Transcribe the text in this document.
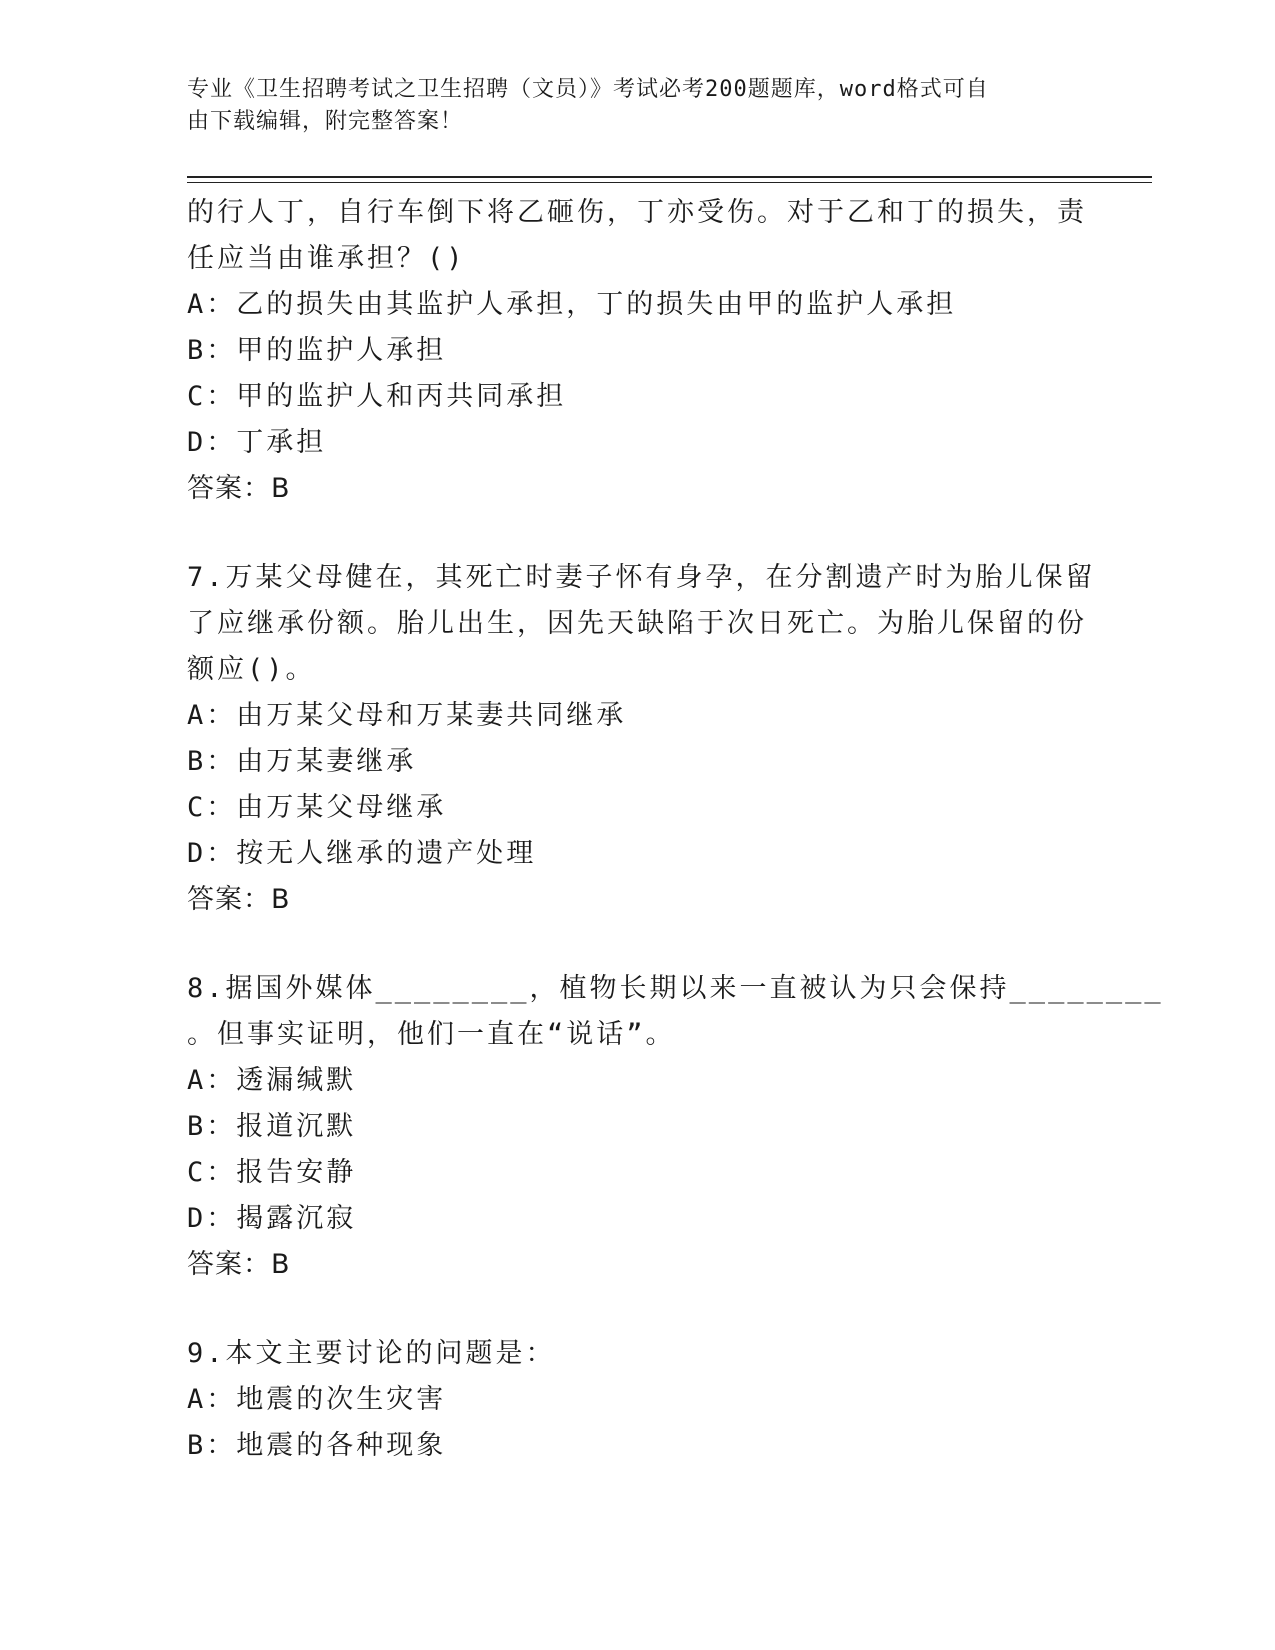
专业《卫生招聘考试之卫生招聘（文员）》考试必考200题题库，word格式可自
由下载编辑，附完整答案！
的行人丁，自行车倒下将乙砸伤，丁亦受伤。对于乙和丁的损失，责
任应当由谁承担？()
A：乙的损失由其监护人承担，丁的损失由甲的监护人承担
B：甲的监护人承担
C：甲的监护人和丙共同承担
D：丁承担
答案：B
7.万某父母健在，其死亡时妻子怀有身孕，在分割遗产时为胎儿保留
了应继承份额。胎儿出生，因先天缺陷于次日死亡。为胎儿保留的份
额应()。
A：由万某父母和万某妻共同继承
B：由万某妻继承
C：由万某父母继承
D：按无人继承的遗产处理
答案：B
8.据国外媒体________，植物长期以来一直被认为只会保持________
。但事实证明，他们一直在“说话”。
A：透漏缄默
B：报道沉默
C：报告安静
D：揭露沉寂
答案：B
9.本文主要讨论的问题是：
A：地震的次生灾害
B：地震的各种现象
